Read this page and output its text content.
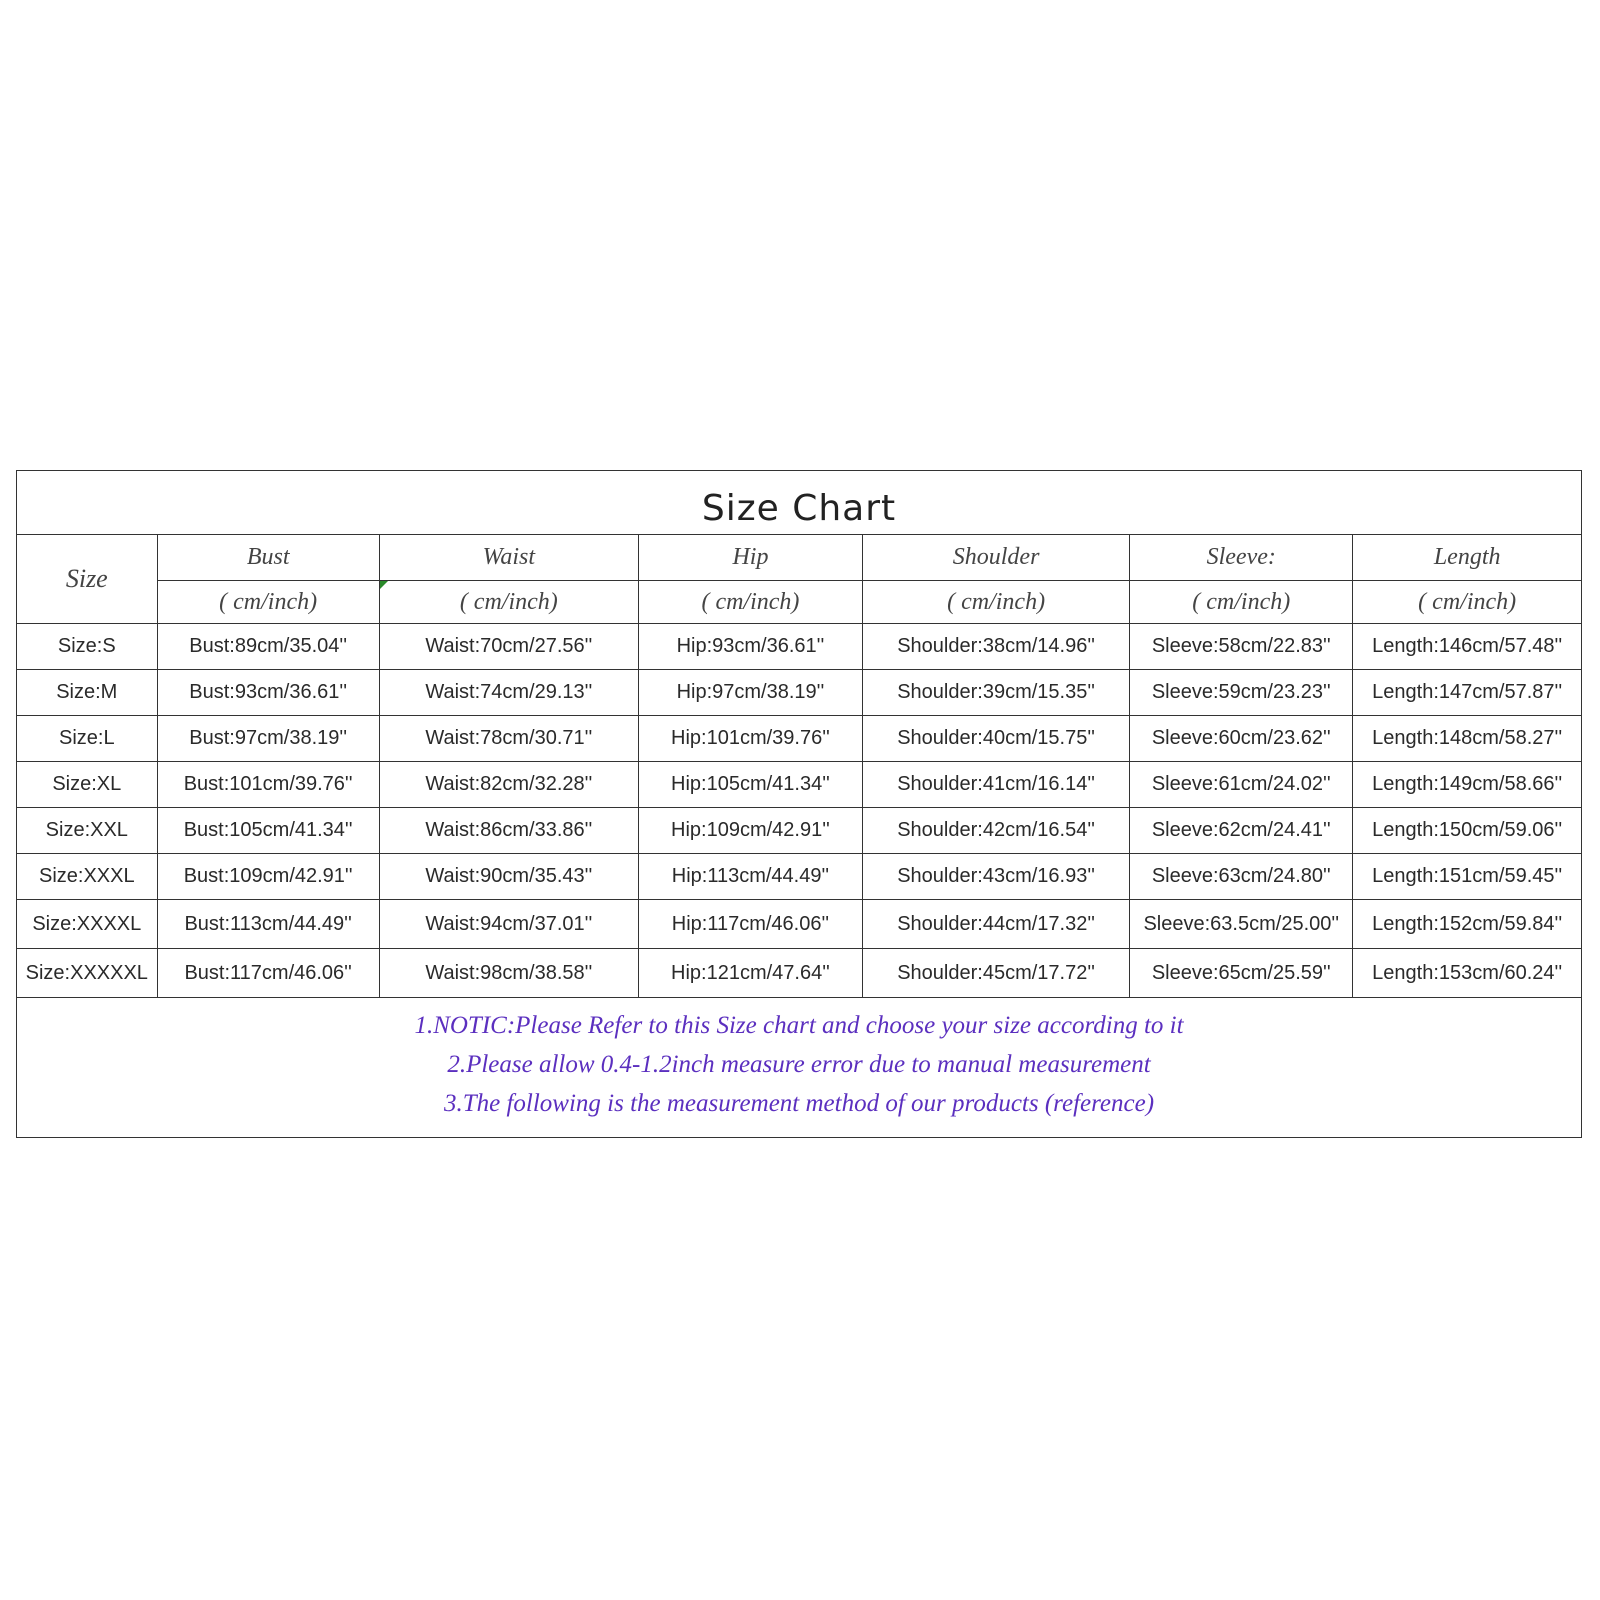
Size Chart
Size	Bust	Waist	Hip	Shoulder	Sleeve:	Length
	( cm/inch)	( cm/inch)	( cm/inch)	( cm/inch)	( cm/inch)	( cm/inch)
Size:S	Bust:89cm/35.04''	Waist:70cm/27.56''	Hip:93cm/36.61''	Shoulder:38cm/14.96''	Sleeve:58cm/22.83''	Length:146cm/57.48''
Size:M	Bust:93cm/36.61''	Waist:74cm/29.13''	Hip:97cm/38.19''	Shoulder:39cm/15.35''	Sleeve:59cm/23.23''	Length:147cm/57.87''
Size:L	Bust:97cm/38.19''	Waist:78cm/30.71''	Hip:101cm/39.76''	Shoulder:40cm/15.75''	Sleeve:60cm/23.62''	Length:148cm/58.27''
Size:XL	Bust:101cm/39.76''	Waist:82cm/32.28''	Hip:105cm/41.34''	Shoulder:41cm/16.14''	Sleeve:61cm/24.02''	Length:149cm/58.66''
Size:XXL	Bust:105cm/41.34''	Waist:86cm/33.86''	Hip:109cm/42.91''	Shoulder:42cm/16.54''	Sleeve:62cm/24.41''	Length:150cm/59.06''
Size:XXXL	Bust:109cm/42.91''	Waist:90cm/35.43''	Hip:113cm/44.49''	Shoulder:43cm/16.93''	Sleeve:63cm/24.80''	Length:151cm/59.45''
Size:XXXXL	Bust:113cm/44.49''	Waist:94cm/37.01''	Hip:117cm/46.06''	Shoulder:44cm/17.32''	Sleeve:63.5cm/25.00''	Length:152cm/59.84''
Size:XXXXXL	Bust:117cm/46.06''	Waist:98cm/38.58''	Hip:121cm/47.64''	Shoulder:45cm/17.72''	Sleeve:65cm/25.59''	Length:153cm/60.24''
1.NOTIC:Please Refer to this Size chart and choose your size according to it
2.Please allow 0.4-1.2inch measure error due to manual measurement
3.The following is the measurement method of our products (reference)
